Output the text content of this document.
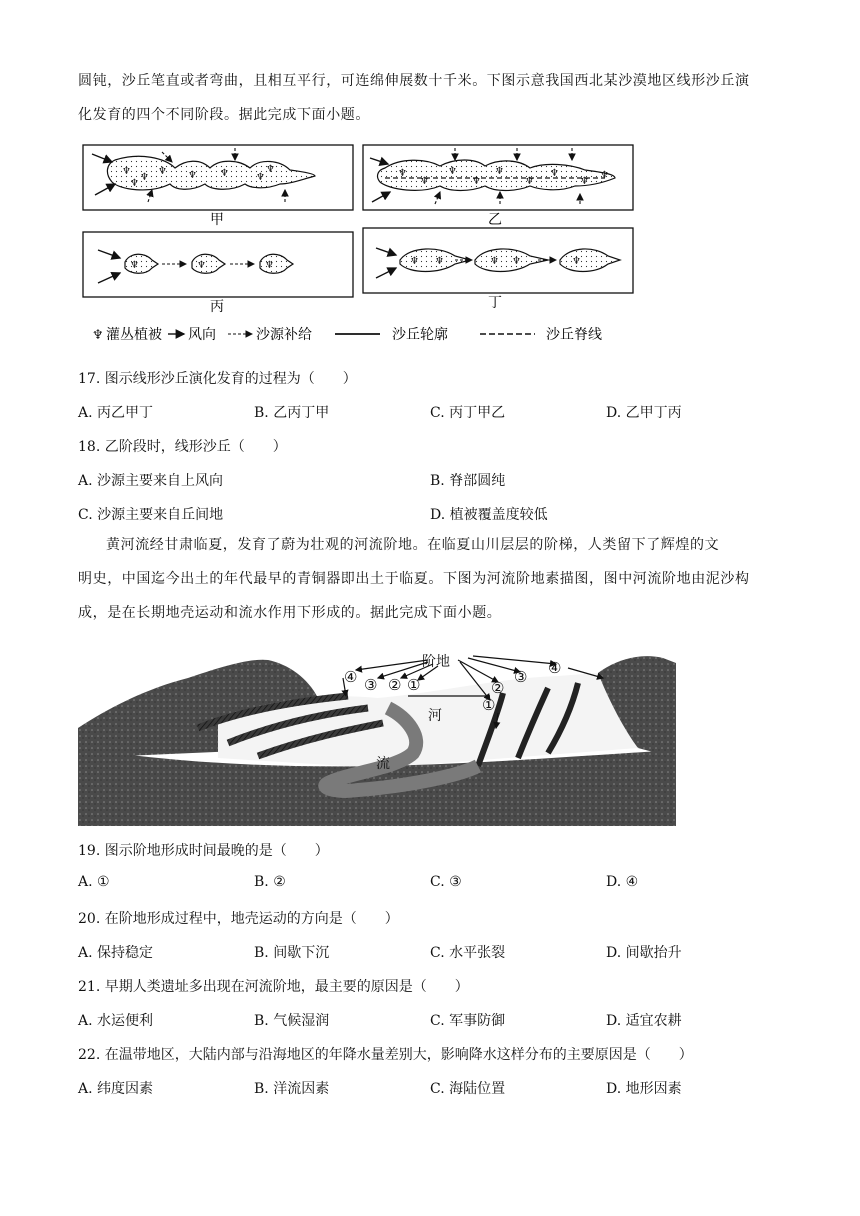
圆钝，沙丘笔直或者弯曲，且相互平行，可连绵伸展数十千米。下图示意我国西北某沙漠地区线形沙丘演
化发育的四个不同阶段。据此完成下面小题。
♆
♆
♆ ♆ ♆	♆
♆
♆
甲
♆
♆
♆
♆
♆
♆
♆
♆
♆
乙
♆	♆	♆
丙
♆ ♆	♆ ♆	♆
丁
♆ 灌丛植被 风向	沙源补给	沙丘轮廓	沙丘脊线
17. 图示线形沙丘演化发育的过程为（　　）
A. 丙乙甲丁	B. 乙丙丁甲	C. 丙丁甲乙	D. 乙甲丁丙
18. 乙阶段时，线形沙丘（　　）
A. 沙源主要来自上风向	B. 脊部圆纯
C. 沙源主要来自丘间地	D. 植被覆盖度较低
黄河流经甘肃临夏，发育了蔚为壮观的河流阶地。在临夏山川层层的阶梯，人类留下了辉煌的文
明史，中国迄今出土的年代最早的青铜器即出土于临夏。下图为河流阶地素描图，图中河流阶地由泥沙构
成，是在长期地壳运动和流水作用下形成的。据此完成下面小题。
阶地
河
流
④ ③ ② ①	②
①
③ ④
19. 图示阶地形成时间最晚的是（　　）
A. ①	B. ②	C. ③	D. ④
20. 在阶地形成过程中，地壳运动的方向是（　　）
A. 保持稳定	B. 间歇下沉	C. 水平张裂	D. 间歇抬升
21. 早期人类遗址多出现在河流阶地，最主要的原因是（　　）
A. 水运便利	B. 气候湿润	C. 军事防御	D. 适宜农耕
22. 在温带地区，大陆内部与沿海地区的年降水量差别大，影响降水这样分布的主要原因是（　　）
A. 纬度因素	B. 洋流因素	C. 海陆位置	D. 地形因素
